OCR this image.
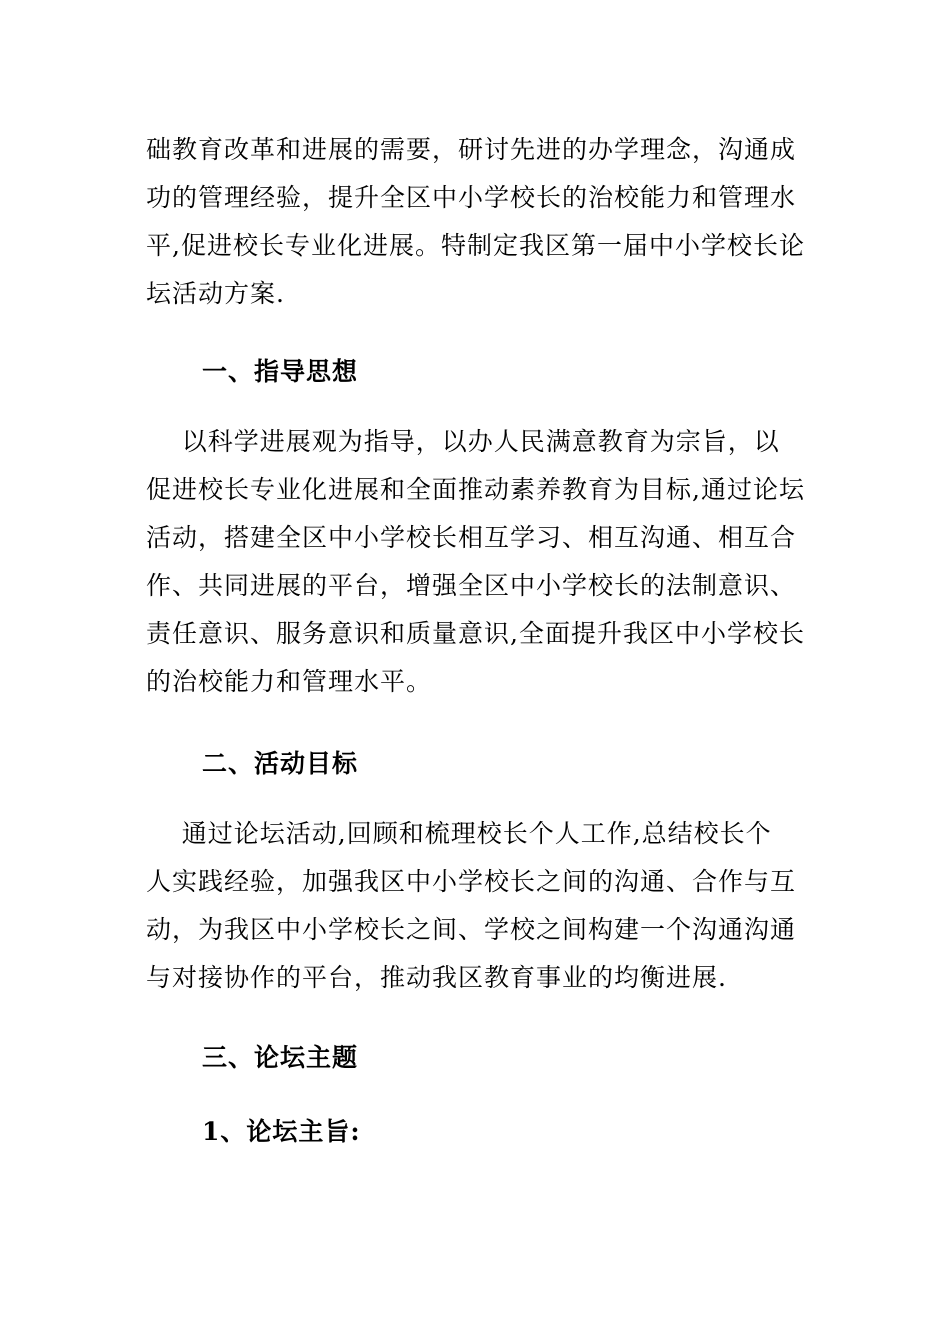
础教育改革和进展的需要，研讨先进的办学理念，沟通成
功的管理经验，提升全区中小学校长的治校能力和管理水
平,促进校长专业化进展。特制定我区第一届中小学校长论
坛活动方案.
一、指导思想
以科学进展观为指导，以办人民满意教育为宗旨，以
促进校长专业化进展和全面推动素养教育为目标,通过论坛
活动，搭建全区中小学校长相互学习、相互沟通、相互合
作、共同进展的平台，增强全区中小学校长的法制意识、
责任意识、服务意识和质量意识,全面提升我区中小学校长
的治校能力和管理水平。
二、活动目标
通过论坛活动,回顾和梳理校长个人工作,总结校长个
人实践经验，加强我区中小学校长之间的沟通、合作与互
动，为我区中小学校长之间、学校之间构建一个沟通沟通
与对接协作的平台，推动我区教育事业的均衡进展.
三、论坛主题
1、论坛主旨:
